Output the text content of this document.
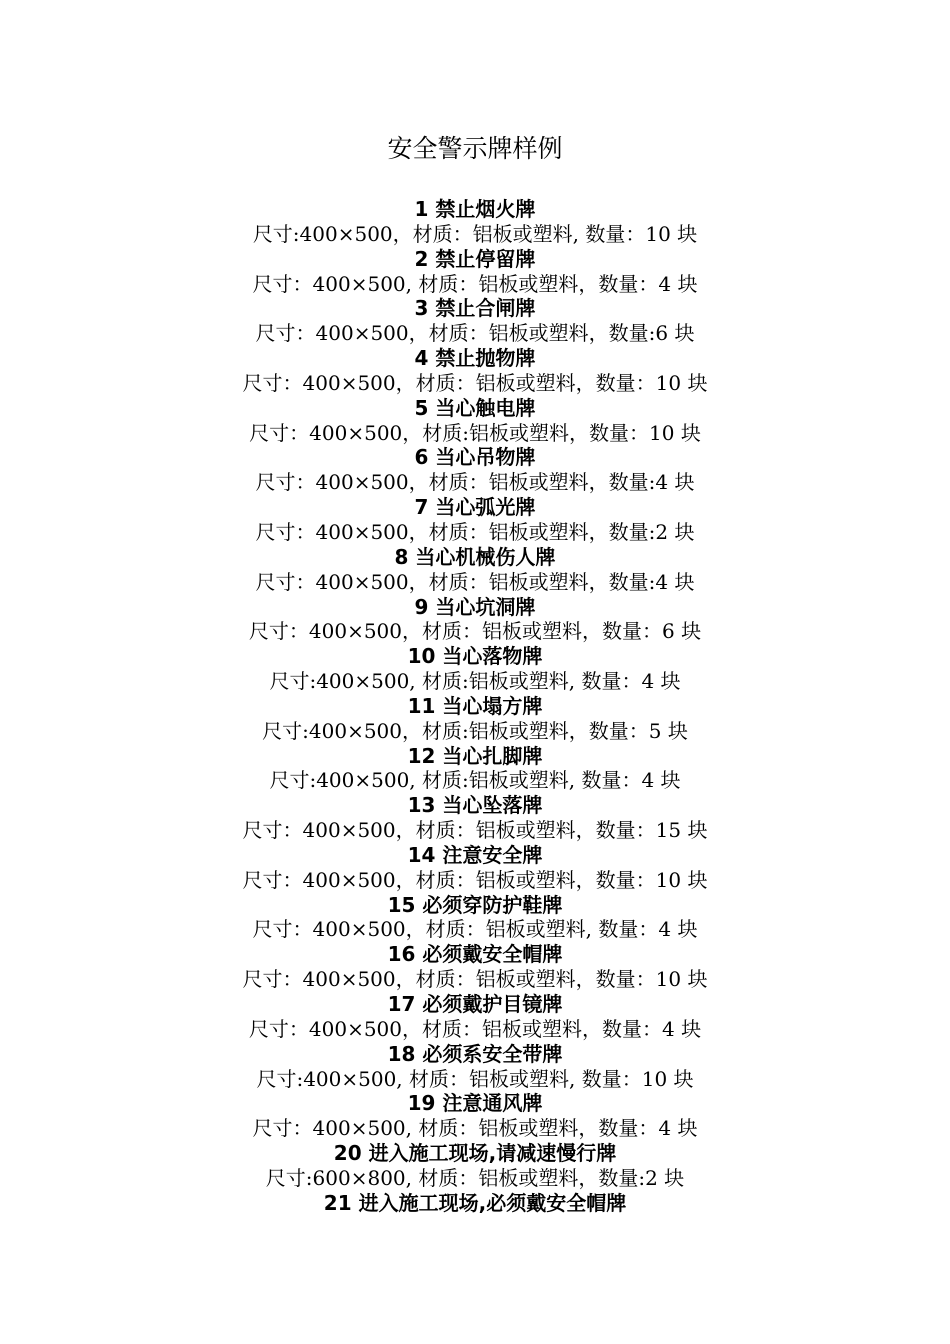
安全警示牌样例
1 禁止烟火牌
尺寸:400×500，材质：铝板或塑料, 数量：10 块
2 禁止停留牌
尺寸：400×500, 材质：铝板或塑料，数量：4 块
3 禁止合闸牌
尺寸：400×500，材质：铝板或塑料，数量:6 块
4 禁止抛物牌
尺寸：400×500，材质：铝板或塑料，数量：10 块
5 当心触电牌
尺寸：400×500，材质:铝板或塑料，数量：10 块
6 当心吊物牌
尺寸：400×500，材质：铝板或塑料，数量:4 块
7 当心弧光牌
尺寸：400×500，材质：铝板或塑料，数量:2 块
8 当心机械伤人牌
尺寸：400×500，材质：铝板或塑料，数量:4 块
9 当心坑洞牌
尺寸：400×500，材质：铝板或塑料，数量：6 块
10 当心落物牌
尺寸:400×500, 材质:铝板或塑料, 数量：4 块
11 当心塌方牌
尺寸:400×500，材质:铝板或塑料，数量：5 块
12 当心扎脚牌
尺寸:400×500, 材质:铝板或塑料, 数量：4 块
13 当心坠落牌
尺寸：400×500，材质：铝板或塑料，数量：15 块
14 注意安全牌
尺寸：400×500，材质：铝板或塑料，数量：10 块
15 必须穿防护鞋牌
尺寸：400×500，材质：铝板或塑料, 数量：4 块
16 必须戴安全帽牌
尺寸：400×500，材质：铝板或塑料，数量：10 块
17 必须戴护目镜牌
尺寸：400×500，材质：铝板或塑料，数量：4 块
18 必须系安全带牌
尺寸:400×500, 材质：铝板或塑料, 数量：10 块
19 注意通风牌
尺寸：400×500, 材质：铝板或塑料，数量：4 块
20 进入施工现场,请减速慢行牌
尺寸:600×800, 材质：铝板或塑料，数量:2 块
21 进入施工现场,必须戴安全帽牌
